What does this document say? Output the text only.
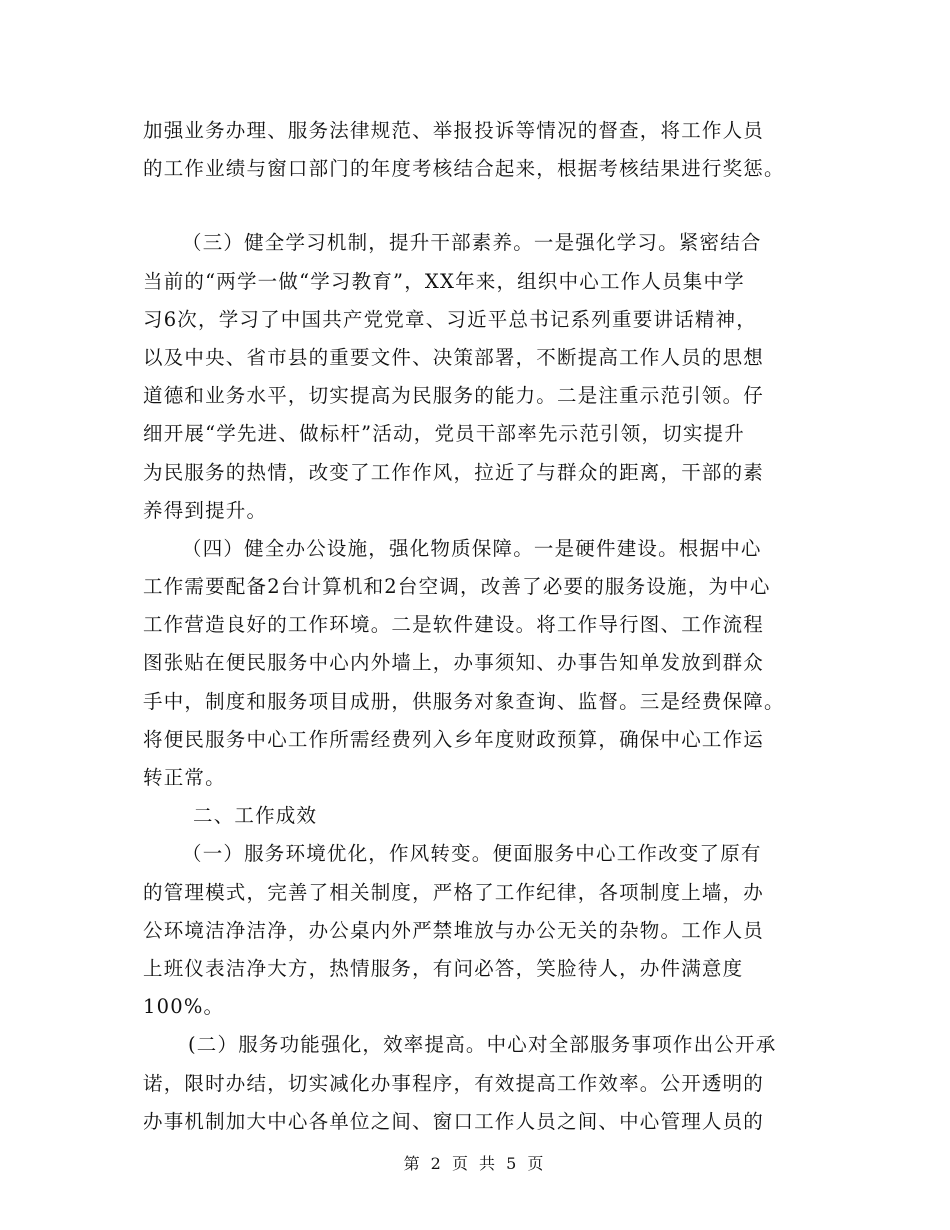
加强业务办理、服务法律规范、举报投诉等情况的督查，将工作人员
的工作业绩与窗口部门的年度考核结合起来，根据考核结果进行奖惩。
（三）健全学习机制，提升干部素养。一是强化学习。紧密结合
当前的“两学一做“学习教育”，XX年来，组织中心工作人员集中学
习6次，学习了中国共产党党章、习近平总书记系列重要讲话精神，
以及中央、省市县的重要文件、决策部署，不断提高工作人员的思想
道德和业务水平，切实提高为民服务的能力。二是注重示范引领。仔
细开展“学先进、做标杆”活动，党员干部率先示范引领，切实提升
为民服务的热情，改变了工作作风，拉近了与群众的距离，干部的素
养得到提升。
（四）健全办公设施，强化物质保障。一是硬件建设。根据中心
工作需要配备2台计算机和2台空调，改善了必要的服务设施，为中心
工作营造良好的工作环境。二是软件建设。将工作导行图、工作流程
图张贴在便民服务中心内外墙上，办事须知、办事告知单发放到群众
手中，制度和服务项目成册，供服务对象查询、监督。三是经费保障。
将便民服务中心工作所需经费列入乡年度财政预算，确保中心工作运
转正常。
二、工作成效
（一）服务环境优化，作风转变。便面服务中心工作改变了原有
的管理模式，完善了相关制度，严格了工作纪律，各项制度上墙，办
公环境洁净洁净，办公桌内外严禁堆放与办公无关的杂物。工作人员
上班仪表洁净大方，热情服务，有问必答，笑脸待人，办件满意度
100%。
(二）服务功能强化，效率提高。中心对全部服务事项作出公开承
诺，限时办结，切实减化办事程序，有效提高工作效率。公开透明的
办事机制加大中心各单位之间、窗口工作人员之间、中心管理人员的
第 2 页 共 5 页
